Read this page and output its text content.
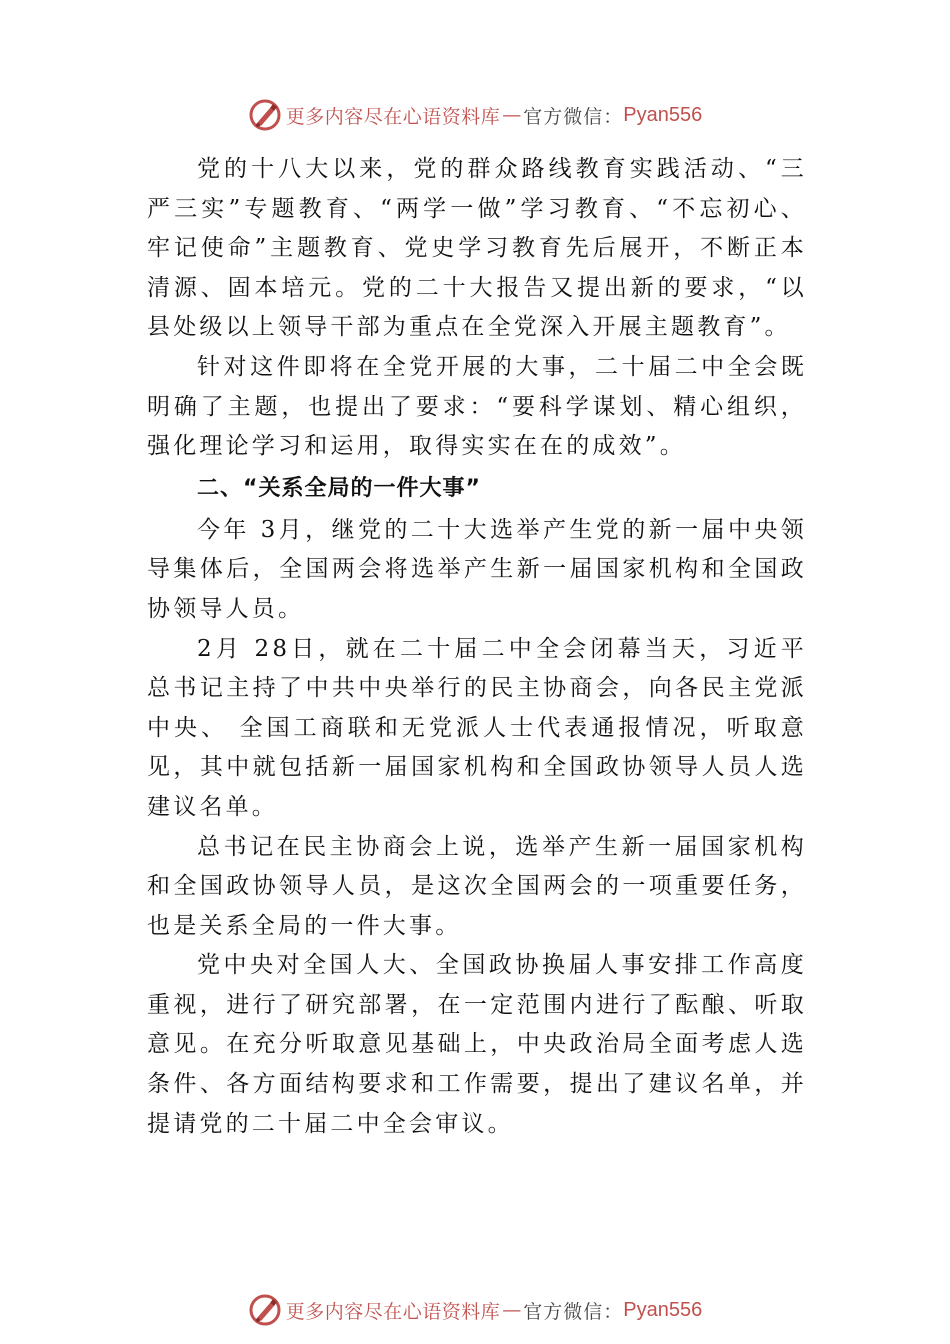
更多内容尽在心语资料库 — 官方微信： Pyan556

党的十八大以来，党的群众路线教育实践活动、“三严三实”专题教育、“两学一做”学习教育、“不忘初心、牢记使命”主题教育、党史学习教育先后展开，不断正本清源、固本培元。党的二十大报告又提出新的要求，“以县处级以上领导干部为重点在全党深入开展主题教育”。

针对这件即将在全党开展的大事，二十届二中全会既明确了主题，也提出了要求：“要科学谋划、精心组织，强化理论学习和运用，取得实实在在的成效”。

二、“关系全局的一件大事”

今年 3月，继党的二十大选举产生党的新一届中央领导集体后，全国两会将选举产生新一届国家机构和全国政协领导人员。

2月 28日，就在二十届二中全会闭幕当天，习近平总书记主持了中共中央举行的民主协商会，向各民主党派中央、 全国工商联和无党派人士代表通报情况，听取意见，其中就包括新一届国家机构和全国政协领导人员人选建议名单。

总书记在民主协商会上说，选举产生新一届国家机构和全国政协领导人员，是这次全国两会的一项重要任务，也是关系全局的一件大事。

党中央对全国人大、全国政协换届人事安排工作高度重视，进行了研究部署，在一定范围内进行了酝酿、听取意见。在充分听取意见基础上，中央政治局全面考虑人选条件、各方面结构要求和工作需要，提出了建议名单，并提请党的二十届二中全会审议。

更多内容尽在心语资料库 — 官方微信： Pyan556
